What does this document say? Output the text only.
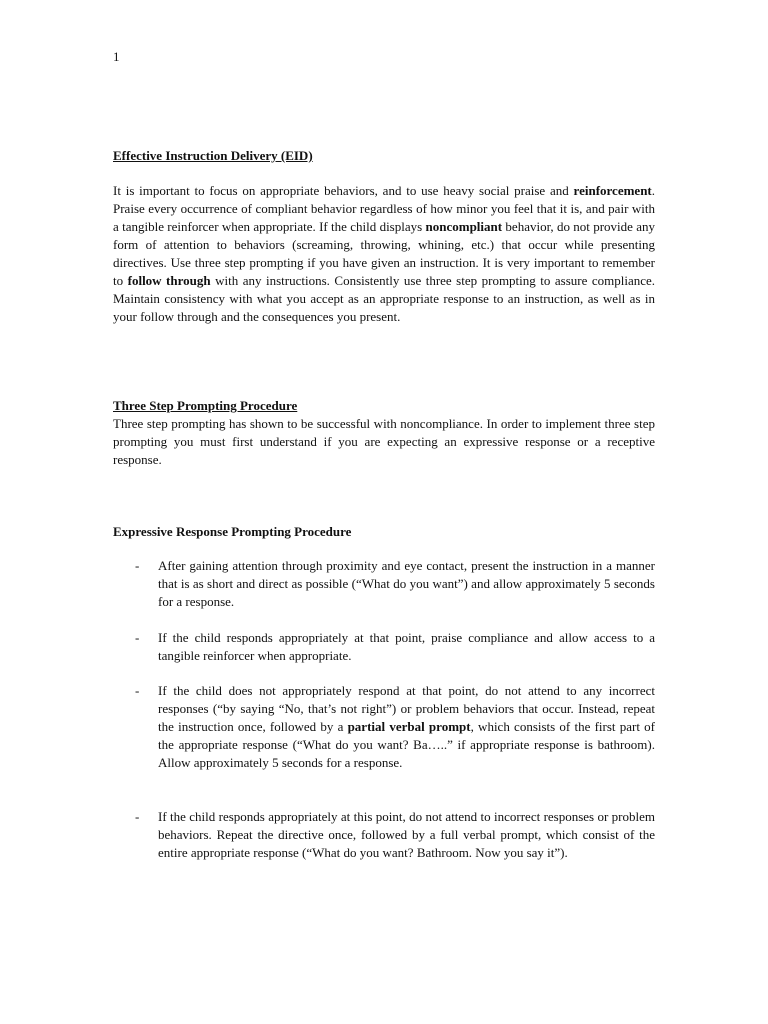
1
Effective Instruction Delivery (EID)
It is important to focus on appropriate behaviors, and to use heavy social praise and reinforcement. Praise every occurrence of compliant behavior regardless of how minor you feel that it is, and pair with a tangible reinforcer when appropriate. If the child displays noncompliant behavior, do not provide any form of attention to behaviors (screaming, throwing, whining, etc.) that occur while presenting directives. Use three step prompting if you have given an instruction. It is very important to remember to follow through with any instructions. Consistently use three step prompting to assure compliance. Maintain consistency with what you accept as an appropriate response to an instruction, as well as in your follow through and the consequences you present.
Three Step Prompting Procedure
Three step prompting has shown to be successful with noncompliance. In order to implement three step prompting you must first understand if you are expecting an expressive response or a receptive response.
Expressive Response Prompting Procedure
- After gaining attention through proximity and eye contact, present the instruction in a manner that is as short and direct as possible (“What do you want”) and allow approximately 5 seconds for a response.
- If the child responds appropriately at that point, praise compliance and allow access to a tangible reinforcer when appropriate.
- If the child does not appropriately respond at that point, do not attend to any incorrect responses (“by saying “No, that’s not right”) or problem behaviors that occur. Instead, repeat the instruction once, followed by a partial verbal prompt, which consists of the first part of the appropriate response (“What do you want? Ba…..” if appropriate response is bathroom). Allow approximately 5 seconds for a response.
- If the child responds appropriately at this point, do not attend to incorrect responses or problem behaviors. Repeat the directive once, followed by a full verbal prompt, which consist of the entire appropriate response (“What do you want? Bathroom. Now you say it”).
